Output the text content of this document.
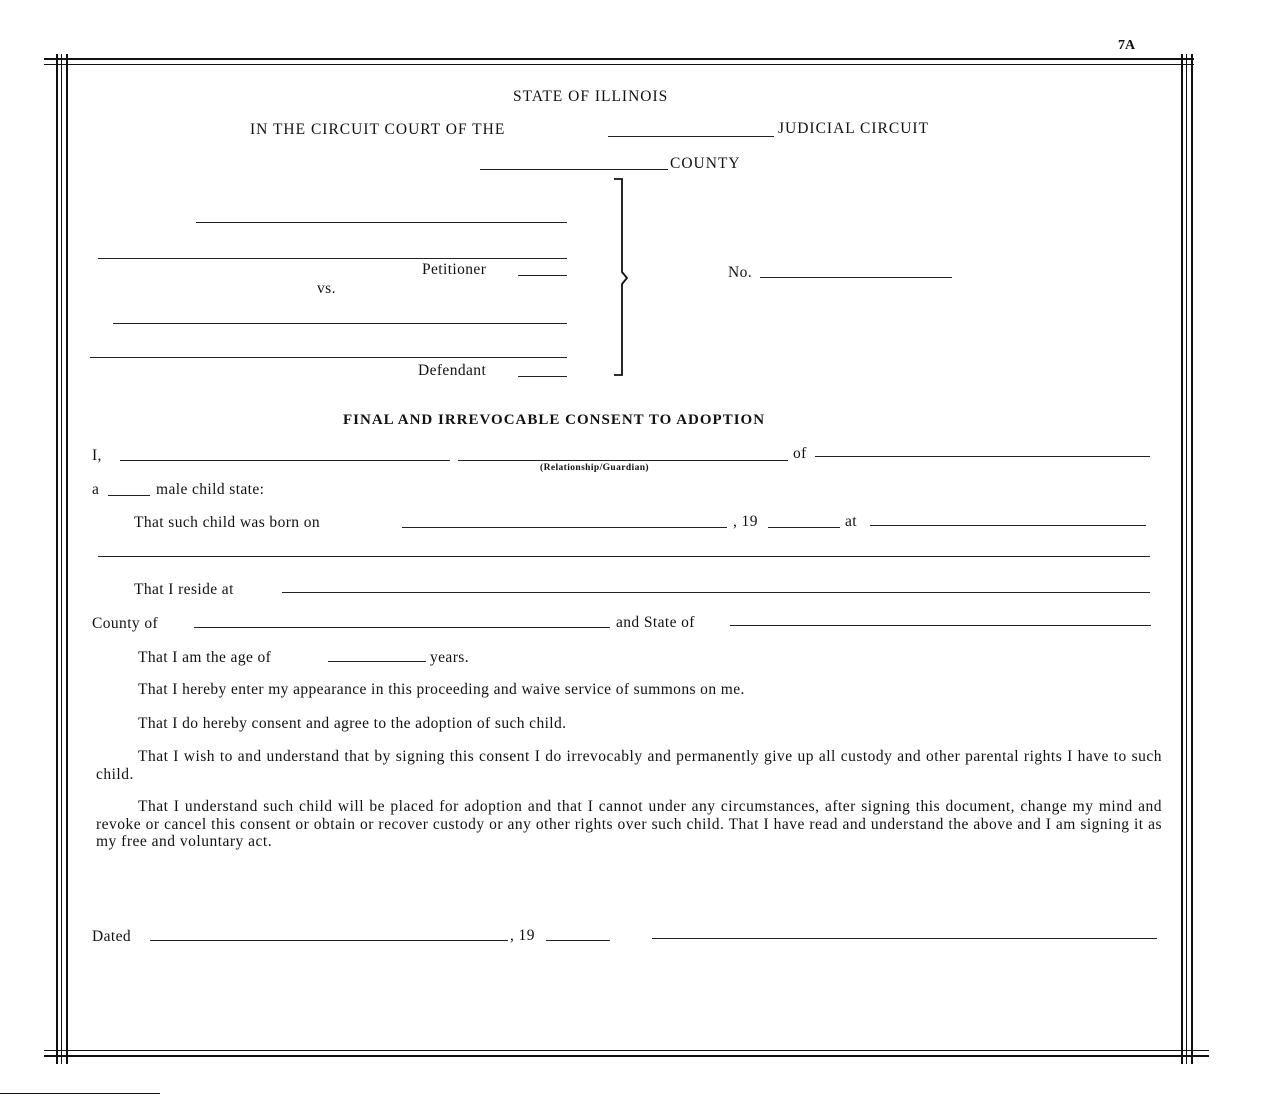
7A
STATE OF ILLINOIS
IN THE CIRCUIT COURT OF THE	JUDICIAL CIRCUIT
COUNTY
Petitioner
vs.
Defendant
No.
FINAL AND IRREVOCABLE CONSENT TO ADOPTION
I,
(Relationship/Guardian)
of
a	male child state:
That such child was born on	, 19	at
That I reside at
County of	and State of
That I am the age of	years.
That I hereby enter my appearance in this proceeding and waive service of summons on me.
That I do hereby consent and agree to the adoption of such child.
That I wish to and understand that by signing this consent I do irrevocably and permanently give up all custody and other parental rights I have to such child.
That I understand such child will be placed for adoption and that I cannot under any circumstances, after signing this document, change my mind and revoke or cancel this consent or obtain or recover custody or any other rights over such child. That I have read and understand the above and I am signing it as my free and voluntary act.
Dated	, 19
